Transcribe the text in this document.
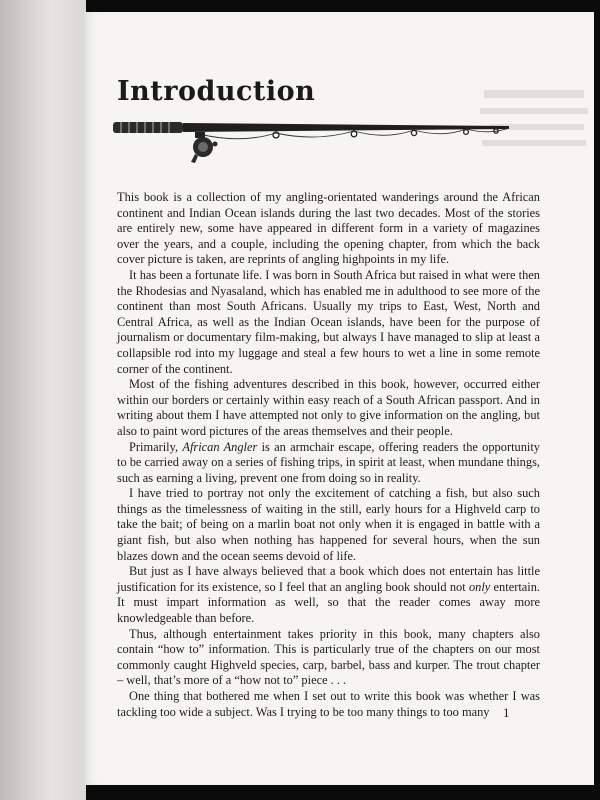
Introduction

This book is a collection of my angling-orientated wanderings around the African continent and Indian Ocean islands during the last two decades. Most of the stories are entirely new, some have appeared in different form in a variety of magazines over the years, and a couple, including the opening chapter, from which the back cover picture is taken, are reprints of angling highpoints in my life.

It has been a fortunate life. I was born in South Africa but raised in what were then the Rhodesias and Nyasaland, which has enabled me in adulthood to see more of the continent than most South Africans. Usually my trips to East, West, North and Central Africa, as well as the Indian Ocean islands, have been for the purpose of journalism or documentary film-making, but always I have managed to slip at least a collapsible rod into my luggage and steal a few hours to wet a line in some remote corner of the continent.

Most of the fishing adventures described in this book, however, occurred either within our borders or certainly within easy reach of a South African passport. And in writing about them I have attempted not only to give information on the angling, but also to paint word pictures of the areas themselves and their people.

Primarily, African Angler is an armchair escape, offering readers the opportunity to be carried away on a series of fishing trips, in spirit at least, when mundane things, such as earning a living, prevent one from doing so in reality.

I have tried to portray not only the excitement of catching a fish, but also such things as the timelessness of waiting in the still, early hours for a Highveld carp to take the bait; of being on a marlin boat not only when it is engaged in battle with a giant fish, but also when nothing has happened for several hours, when the sun blazes down and the ocean seems devoid of life.

But just as I have always believed that a book which does not entertain has little justification for its existence, so I feel that an angling book should not only entertain. It must impart information as well, so that the reader comes away more knowledgeable than before.

Thus, although entertainment takes priority in this book, many chapters also contain “how to” information. This is particularly true of the chapters on our most commonly caught Highveld species, carp, barbel, bass and kurper. The trout chapter – well, that’s more of a “how not to” piece . . .

One thing that bothered me when I set out to write this book was whether I was tackling too wide a subject. Was I trying to be too many things to too many	1
